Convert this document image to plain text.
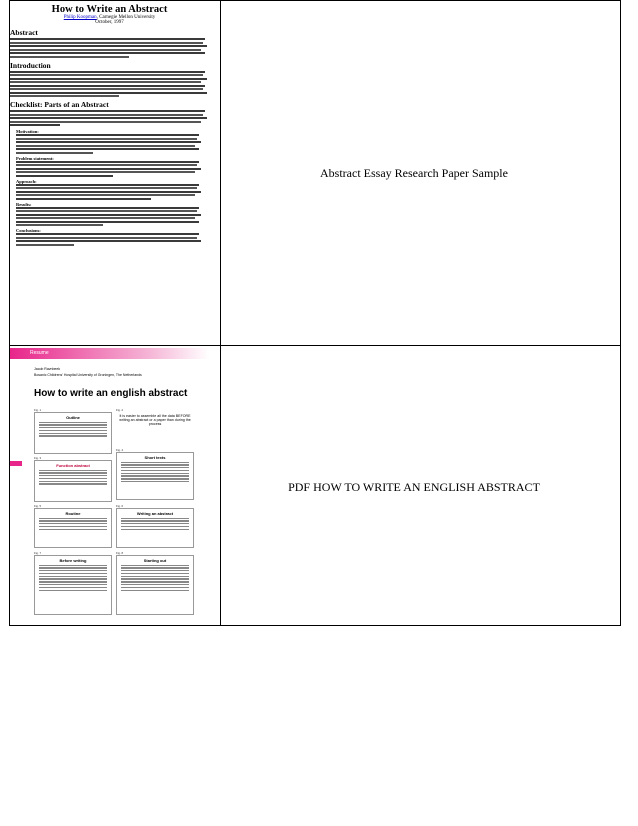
How to Write an Abstract
Philip Koopman, Carnegie Mellon University
October, 1997
Abstract
Introduction
Checklist: Parts of an Abstract
Motivation:
Problem statement:
Approach:
Results:
Conclusions:
Abstract Essay Research Paper Sample
Resume
Jacob Ravnbeek
Bosanic Childrens' Hospital University of Groningen, The Netherlands
How to write an english abstract
Fig. 1	Fig. 2
Fig. 3
Fig. 4
Fig. 5	Fig. 6
Fig. 7	Fig. 8
Outline	It is easier to assemble all the data BEFORE writing an abstract or a paper than during the process
Short texts
Function abstract
Routine	Writing an abstract
Before writing	Starting out
PDF HOW TO WRITE AN ENGLISH ABSTRACT
